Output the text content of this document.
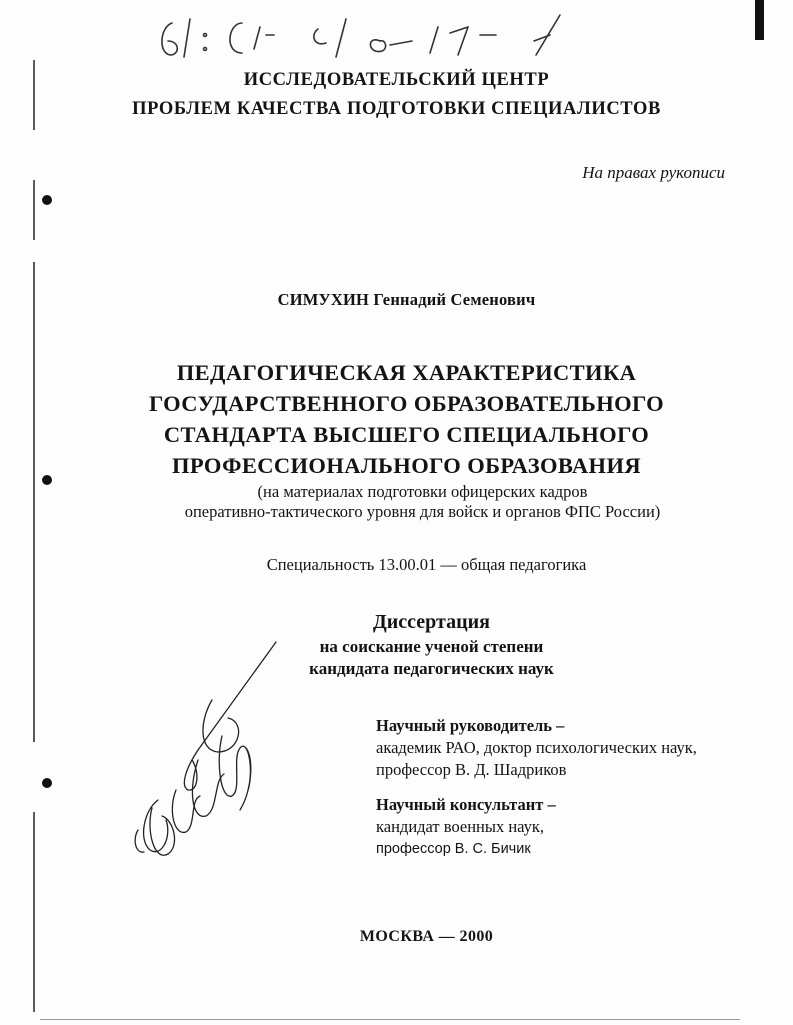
ИССЛЕДОВАТЕЛЬСКИЙ ЦЕНТР
ПРОБЛЕМ КАЧЕСТВА ПОДГОТОВКИ СПЕЦИАЛИСТОВ
На правах рукописи
СИМУХИН Геннадий Семенович
ПЕДАГОГИЧЕСКАЯ ХАРАКТЕРИСТИКА
ГОСУДАРСТВЕННОГО ОБРАЗОВАТЕЛЬНОГО
СТАНДАРТА ВЫСШЕГО СПЕЦИАЛЬНОГО
ПРОФЕССИОНАЛЬНОГО ОБРАЗОВАНИЯ
(на материалах подготовки офицерских кадров
оперативно-тактического уровня для войск и органов ФПС России)
Специальность 13.00.01 — общая педагогика
Диссертация
на соискание ученой степени
кандидата педагогических наук
Научный руководитель –
академик РАО, доктор психологических наук,
профессор В. Д. Шадриков
Научный консультант –
кандидат военных наук,
профессор В. С. Бичик
МОСКВА — 2000
